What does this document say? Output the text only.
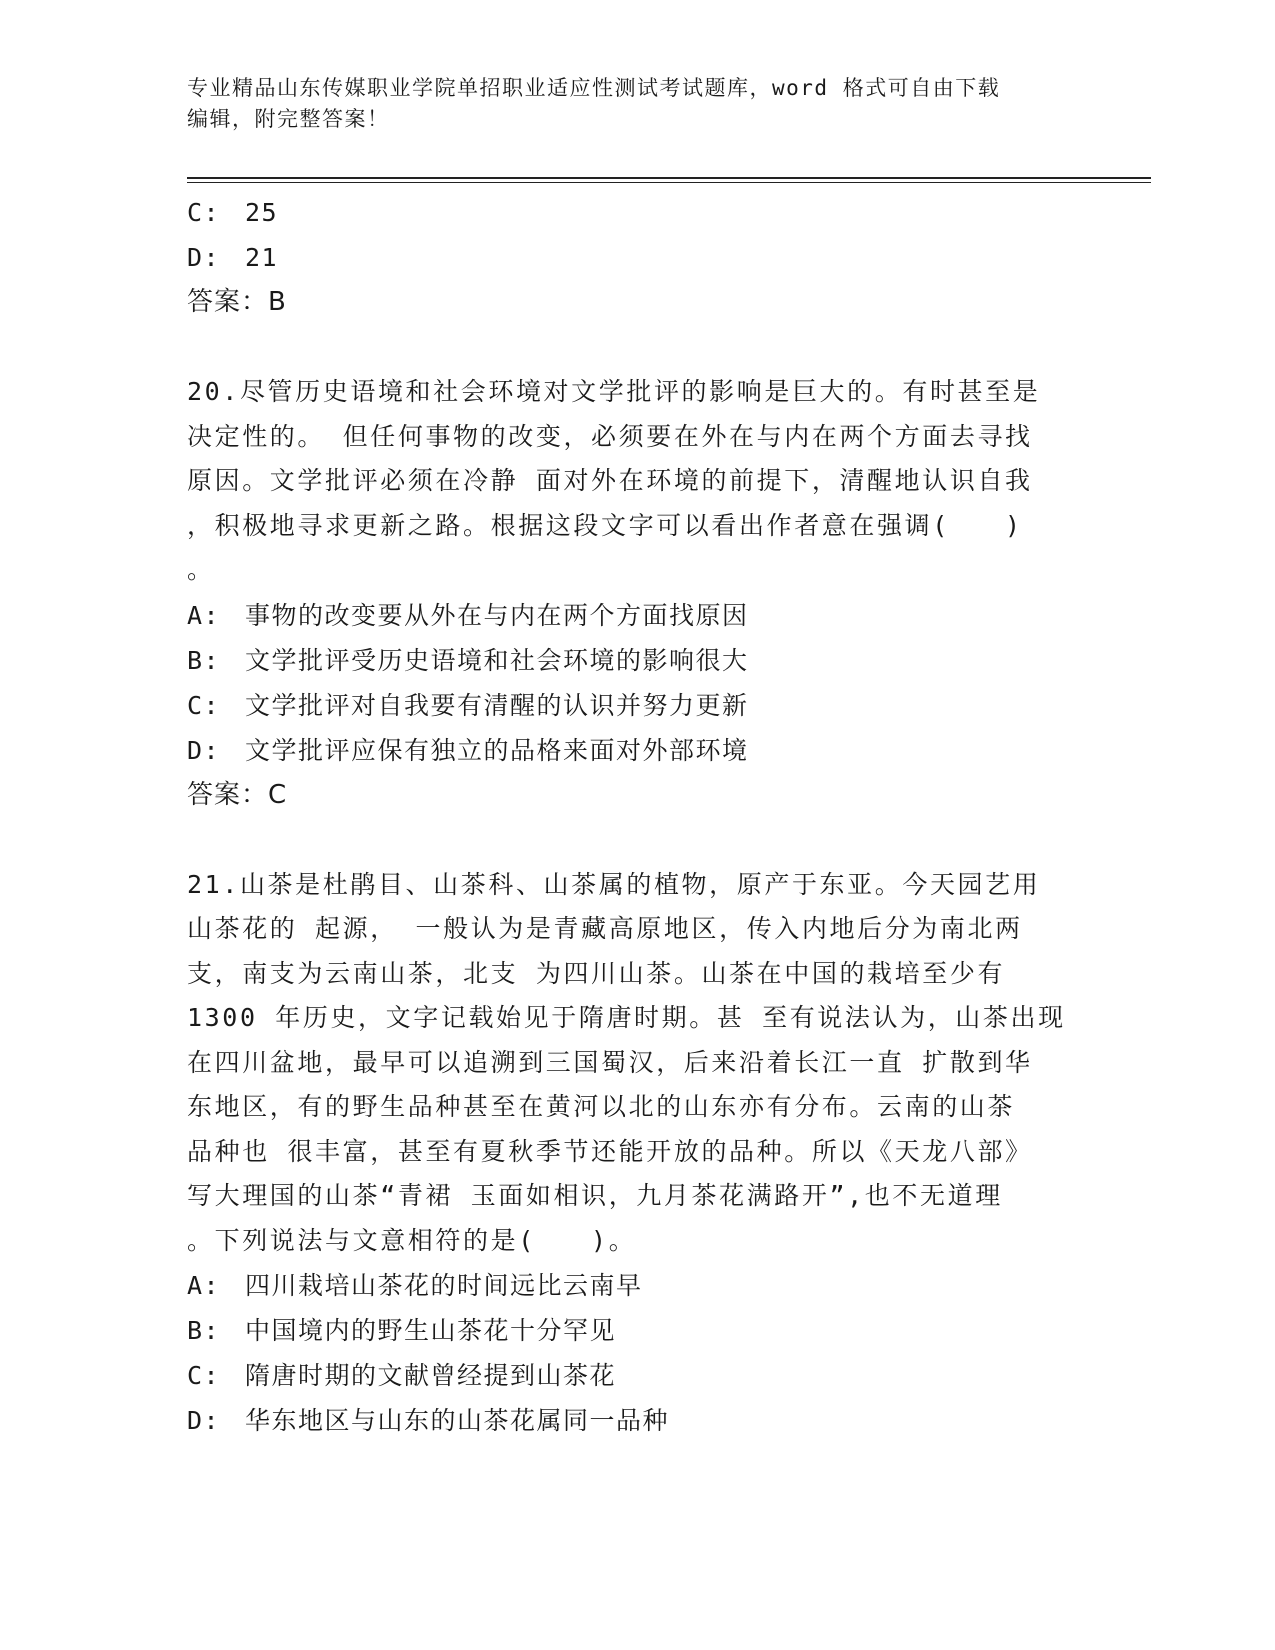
专业精品山东传媒职业学院单招职业适应性测试考试题库，word 格式可自由下载
编辑，附完整答案！
C: 25
D: 21
答案：B
20.尽管历史语境和社会环境对文学批评的影响是巨大的。有时甚至是
决定性的。 但任何事物的改变，必须要在外在与内在两个方面去寻找
原因。文学批评必须在冷静 面对外在环境的前提下，清醒地认识自我
，积极地寻求更新之路。根据这段文字可以看出作者意在强调(　　)
。
A: 事物的改变要从外在与内在两个方面找原因
B: 文学批评受历史语境和社会环境的影响很大
C: 文学批评对自我要有清醒的认识并努力更新
D: 文学批评应保有独立的品格来面对外部环境
答案：C
21.山茶是杜鹃目、山茶科、山茶属的植物，原产于东亚。今天园艺用
山茶花的 起源， 一般认为是青藏高原地区，传入内地后分为南北两
支，南支为云南山茶，北支 为四川山茶。山茶在中国的栽培至少有
1300 年历史，文字记载始见于隋唐时期。甚 至有说法认为，山茶出现
在四川盆地，最早可以追溯到三国蜀汉，后来沿着长江一直 扩散到华
东地区，有的野生品种甚至在黄河以北的山东亦有分布。云南的山茶
品种也 很丰富，甚至有夏秋季节还能开放的品种。所以《天龙八部》
写大理国的山茶“青裙 玉面如相识，九月茶花满路开”,也不无道理
。下列说法与文意相符的是(　　)。
A: 四川栽培山茶花的时间远比云南早
B: 中国境内的野生山茶花十分罕见
C: 隋唐时期的文献曾经提到山茶花
D: 华东地区与山东的山茶花属同一品种
